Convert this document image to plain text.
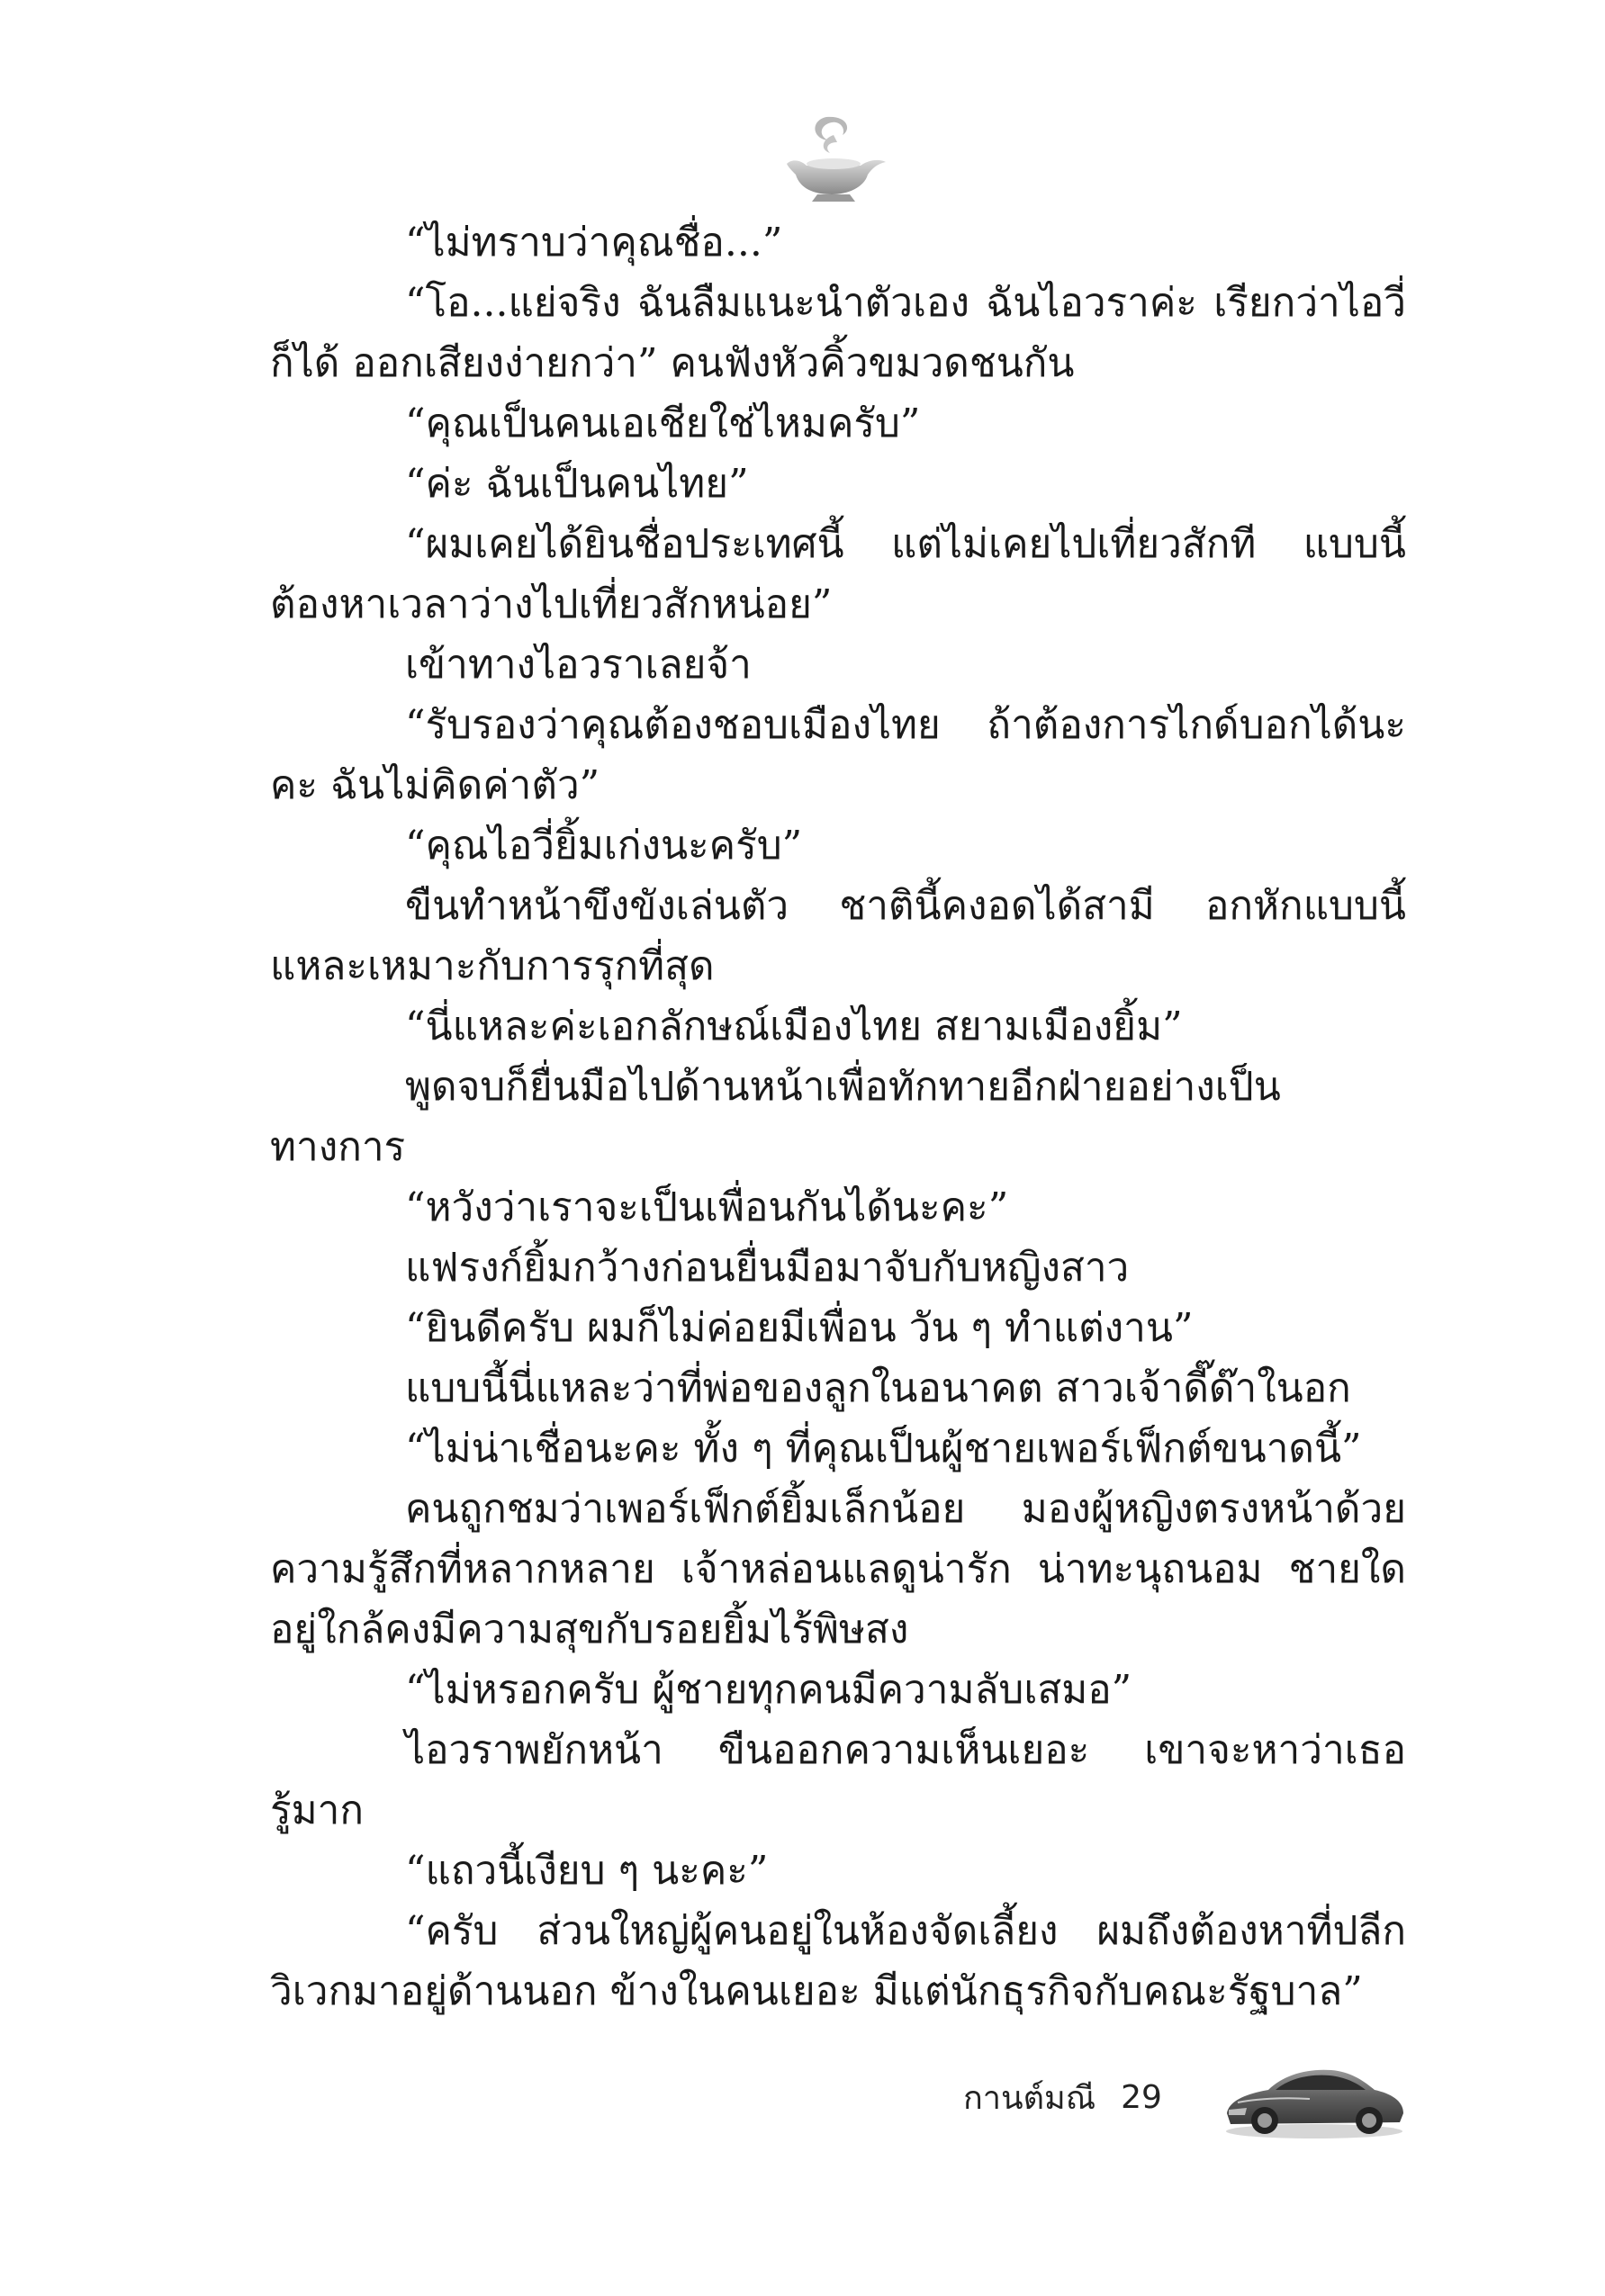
“ไม่ทราบว่าคุณชื่อ...”

“โอ...แย่จริง ฉันลืมแนะนำตัวเอง ฉันไอวราค่ะ เรียกว่าไอวี่ก็ได้ ออกเสียงง่ายกว่า” คนฟังหัวคิ้วขมวดชนกัน

“คุณเป็นคนเอเชียใช่ไหมครับ”

“ค่ะ ฉันเป็นคนไทย”

“ผมเคยได้ยินชื่อประเทศนี้ แต่ไม่เคยไปเที่ยวสักที แบบนี้ต้องหาเวลาว่างไปเที่ยวสักหน่อย”

เข้าทางไอวราเลยจ้า

“รับรองว่าคุณต้องชอบเมืองไทย ถ้าต้องการไกด์บอกได้นะคะ ฉันไม่คิดค่าตัว”

“คุณไอวี่ยิ้มเก่งนะครับ”

ขืนทำหน้าขึงขังเล่นตัว ชาตินี้คงอดได้สามี อกหักแบบนี้แหละเหมาะกับการรุกที่สุด

“นี่แหละค่ะเอกลักษณ์เมืองไทย สยามเมืองยิ้ม”

พูดจบก็ยื่นมือไปด้านหน้าเพื่อทักทายอีกฝ่ายอย่างเป็นทางการ

“หวังว่าเราจะเป็นเพื่อนกันได้นะคะ”

แฟรงก์ยิ้มกว้างก่อนยื่นมือมาจับกับหญิงสาว

“ยินดีครับ ผมก็ไม่ค่อยมีเพื่อน วัน ๆ ทำแต่งาน”

แบบนี้นี่แหละว่าที่พ่อของลูกในอนาคต สาวเจ้าดี๊ด๊าในอก

“ไม่น่าเชื่อนะคะ ทั้ง ๆ ที่คุณเป็นผู้ชายเพอร์เฟ็กต์ขนาดนี้”

คนถูกชมว่าเพอร์เฟ็กต์ยิ้มเล็กน้อย มองผู้หญิงตรงหน้าด้วยความรู้สึกที่หลากหลาย เจ้าหล่อนแลดูน่ารัก น่าทะนุถนอม ชายใดอยู่ใกล้คงมีความสุขกับรอยยิ้มไร้พิษสง

“ไม่หรอกครับ ผู้ชายทุกคนมีความลับเสมอ”

ไอวราพยักหน้า ขืนออกความเห็นเยอะ เขาจะหาว่าเธอรู้มาก

“แถวนี้เงียบ ๆ นะคะ”

“ครับ ส่วนใหญ่ผู้คนอยู่ในห้องจัดเลี้ยง ผมถึงต้องหาที่ปลีกวิเวกมาอยู่ด้านนอก ข้างในคนเยอะ มีแต่นักธุรกิจกับคณะรัฐบาล”

กานต์มณี 29
